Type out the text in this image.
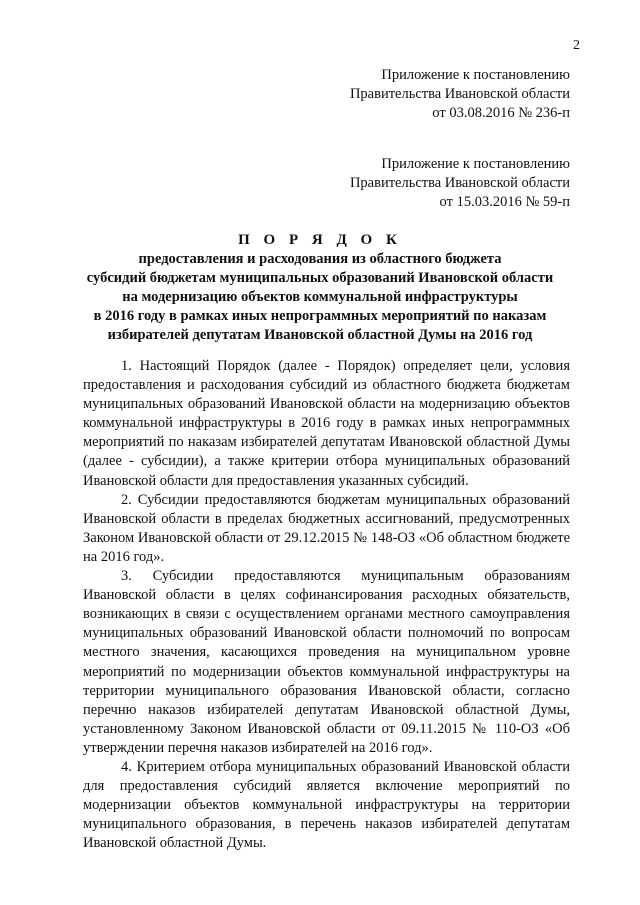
2
Приложение к постановлению
Правительства Ивановской области
от 03.08.2016 № 236-п
Приложение к постановлению
Правительства Ивановской области
от 15.03.2016 № 59-п
П О Р Я Д О К
предоставления и расходования из областного бюджета
субсидий бюджетам муниципальных образований Ивановской области
на модернизацию объектов коммунальной инфраструктуры
в 2016 году в рамках иных непрограммных мероприятий по наказам
избирателей депутатам Ивановской областной Думы на 2016 год

1. Настоящий Порядок (далее - Порядок) определяет цели, условия предоставления и расходования субсидий из областного бюджета бюджетам муниципальных образований Ивановской области на модернизацию объектов коммунальной инфраструктуры в 2016 году в рамках иных непрограммных мероприятий по наказам избирателей депутатам Ивановской областной Думы (далее - субсидии), а также критерии отбора муниципальных образований Ивановской области для предоставления указанных субсидий.

2. Субсидии предоставляются бюджетам муниципальных образований Ивановской области в пределах бюджетных ассигнований, предусмотренных Законом Ивановской области от 29.12.2015 № 148-ОЗ «Об областном бюджете на 2016 год».

3. Субсидии предоставляются муниципальным образованиям Ивановской области в целях софинансирования расходных обязательств, возникающих в связи с осуществлением органами местного самоуправления муниципальных образований Ивановской области полномочий по вопросам местного значения, касающихся проведения на муниципальном уровне мероприятий по модернизации объектов коммунальной инфраструктуры на территории муниципального образования Ивановской области, согласно перечню наказов избирателей депутатам Ивановской областной Думы, установленному Законом Ивановской области от 09.11.2015 № 110-ОЗ «Об утверждении перечня наказов избирателей на 2016 год».

4. Критерием отбора муниципальных образований Ивановской области для предоставления субсидий является включение мероприятий по модернизации объектов коммунальной инфраструктуры на территории муниципального образования, в перечень наказов избирателей депутатам Ивановской областной Думы.
